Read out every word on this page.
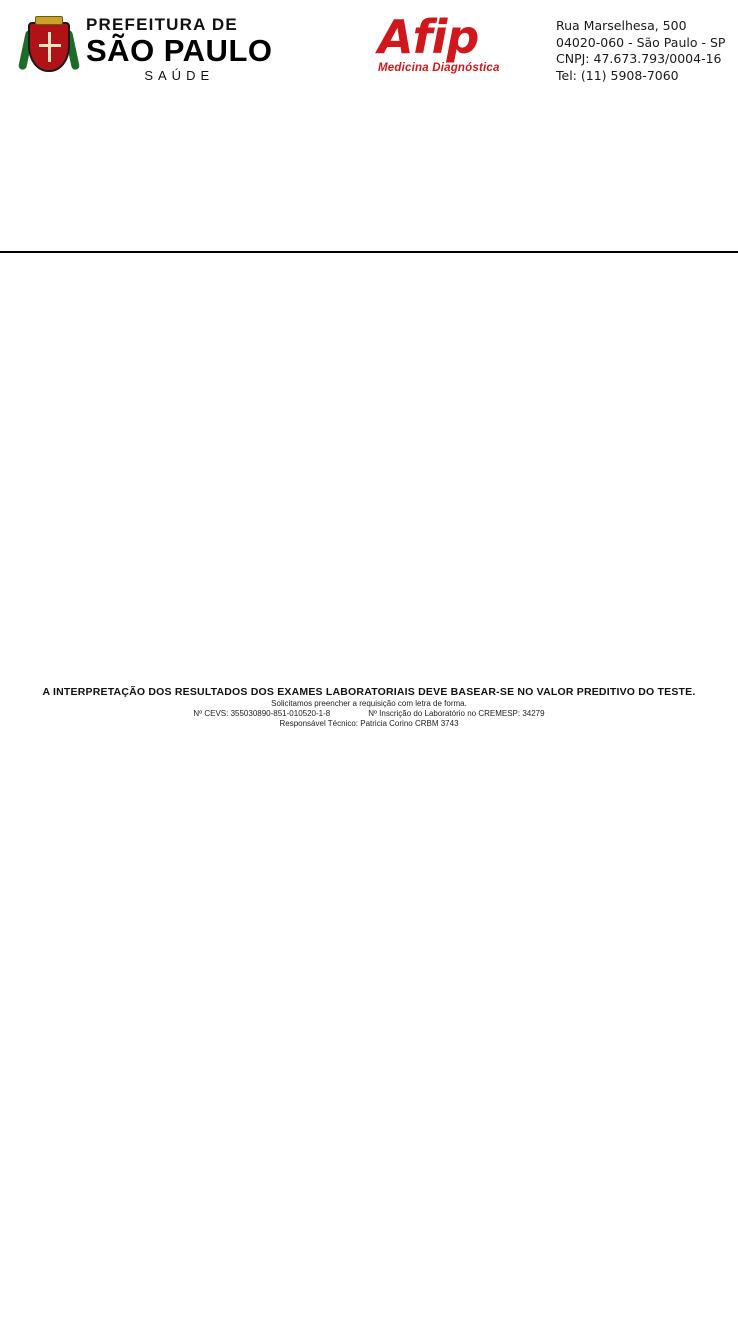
PREFEITURA DE
SÃO PAULO
SAÚDE
Afip
Medicina Diagnóstica
Rua Marselhesa, 500
04020-060 - São Paulo - SP
CNPJ: 47.673.793/0004-16
Tel: (11) 5908-7060
A INTERPRETAÇÃO DOS RESULTADOS DOS EXAMES LABORATORIAIS DEVE BASEAR-SE NO VALOR PREDITIVO DO TESTE.
Solicitamos preencher a requisição com letra de forma.
Nº CEVS: 355030890-851-010520-1-8	Nº Inscrição do Laboratório no CREMESP: 34279
Responsável Técnico: Patricia Corino CRBM 3743
